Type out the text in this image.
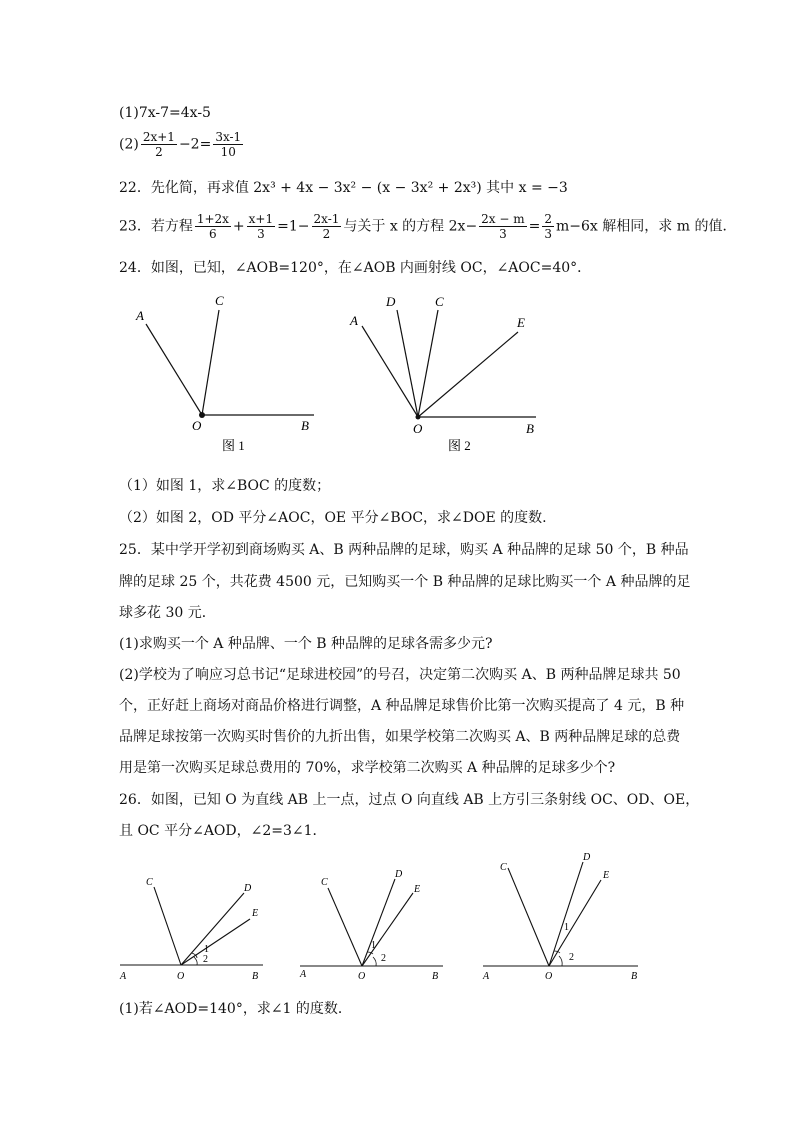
(1)7x-7=4x-5
$(2) \frac{2x+1}{2} -2= \frac{3x-1}{10}$
22．先化简，再求值 2x³ + 4x − 3x² − (x − 3x² + 2x³) 其中 x = −3
23．若方程 $\frac{1+2x}{6} + \frac{x+1}{3} =1- \frac{2x-1}{2}$ 与关于 x 的方程 $2x- \frac{2x - m}{3} = \frac{2}{3} m-6x$ 解相同，求 m 的值．
24．如图，已知，∠AOB=120°，在∠AOB 内画射线 OC，∠AOC=40°．
A
C
O	B
图 1
A
D	C
E
O	B
图 2
（1）如图 1，求∠BOC 的度数；
（2）如图 2，OD 平分∠AOC，OE 平分∠BOC，求∠DOE 的度数.
25．某中学开学初到商场购买 A、B 两种品牌的足球，购买 A 种品牌的足球 50 个，B 种品
牌的足球 25 个，共花费 4500 元，已知购买一个 B 种品牌的足球比购买一个 A 种品牌的足
球多花 30 元．
(1)求购买一个 A 种品牌、一个 B 种品牌的足球各需多少元?
(2)学校为了响应习总书记“足球进校园”的号召，决定第二次购买 A、B 两种品牌足球共 50
个，正好赶上商场对商品价格进行调整，A 种品牌足球售价比第一次购买提高了 4 元，B 种
品牌足球按第一次购买时售价的九折出售，如果学校第二次购买 A、B 两种品牌足球的总费
用是第一次购买足球总费用的 70%，求学校第二次购买 A 种品牌的足球多少个?
26．如图，已知 O 为直线 AB 上一点，过点 O 向直线 AB 上方引三条射线 OC、OD、OE，
且 OC 平分∠AOD，∠2=3∠1．
C
D
E
1
2
A	O	B
C
D
E
1
2
A	O	B
C
D
E
1
2
A	O	B
(1)若∠AOD=140°，求∠1 的度数．
